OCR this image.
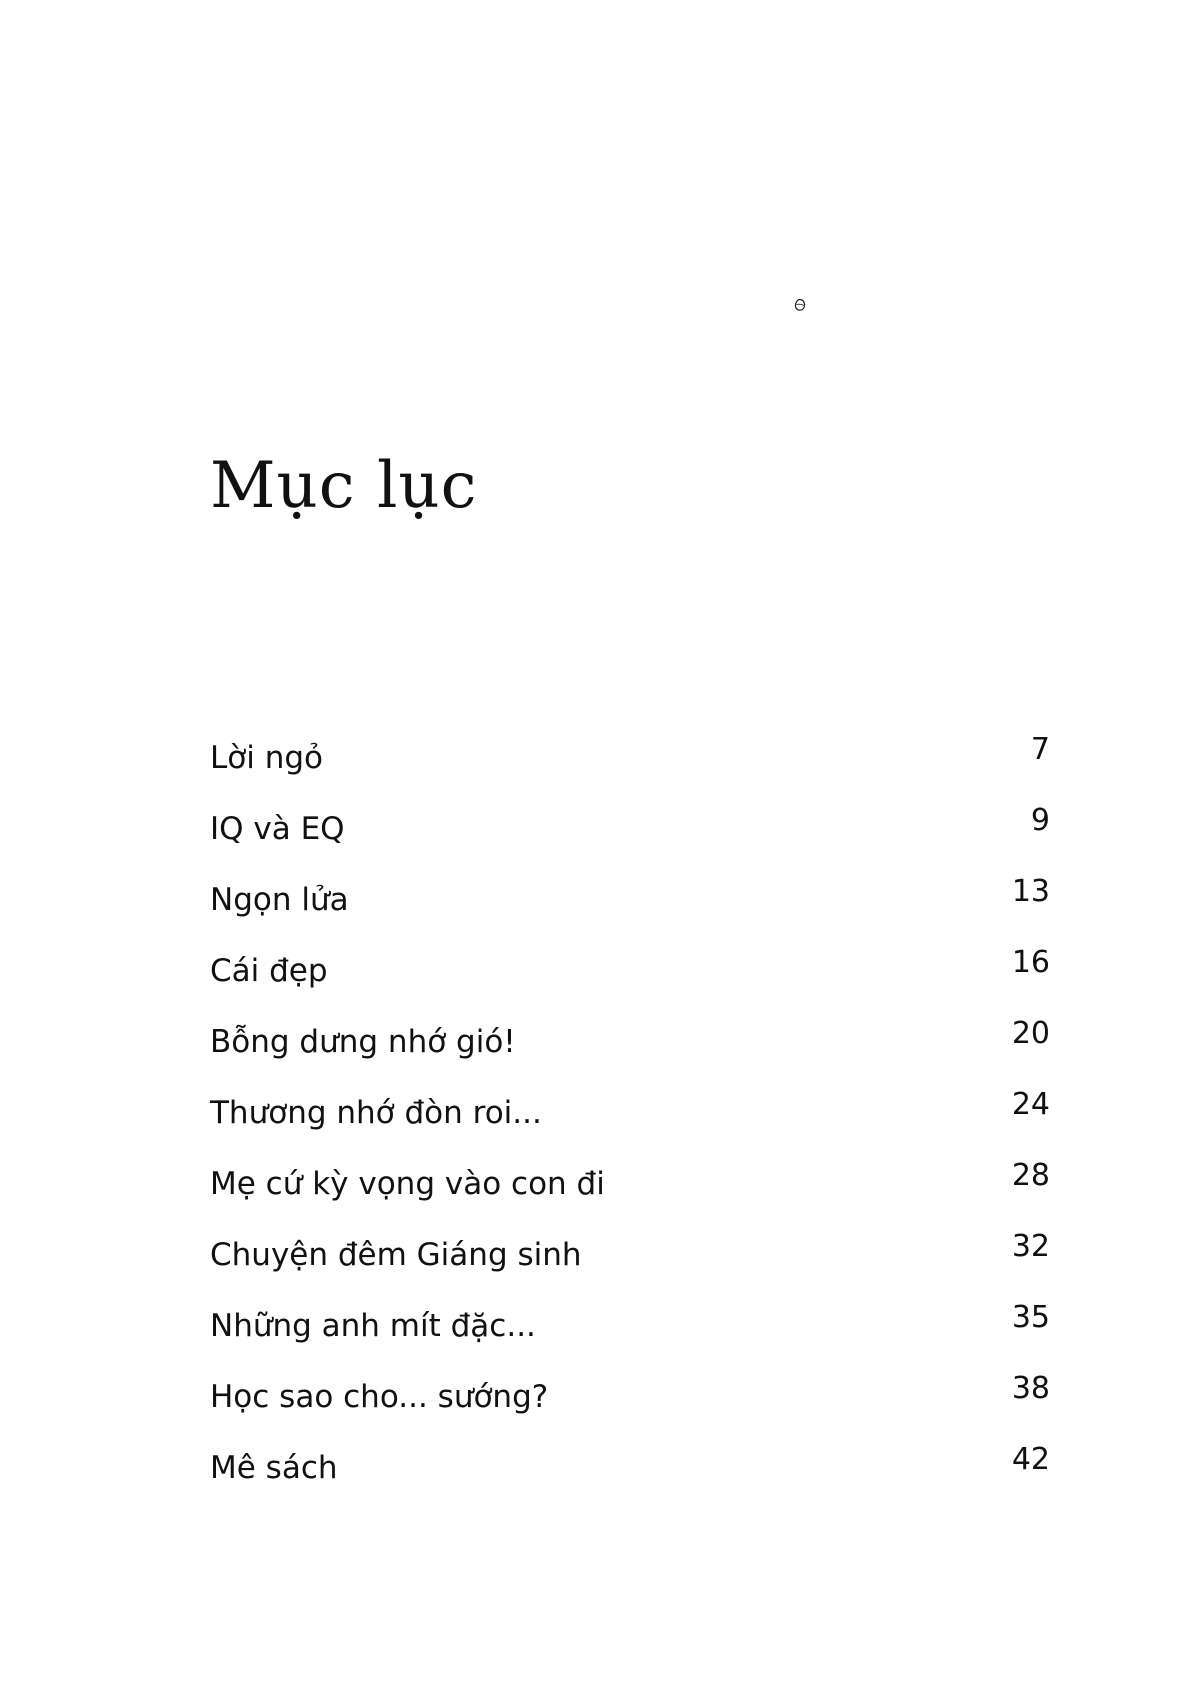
Mục lục
Lời ngỏ	7
IQ và EQ	9
Ngọn lửa	13
Cái đẹp	16
Bỗng dưng nhớ gió!	20
Thương nhớ đòn roi...	24
Mẹ cứ kỳ vọng vào con đi	28
Chuyện đêm Giáng sinh	32
Những anh mít đặc...	35
Học sao cho... sướng?	38
Mê sách	42
